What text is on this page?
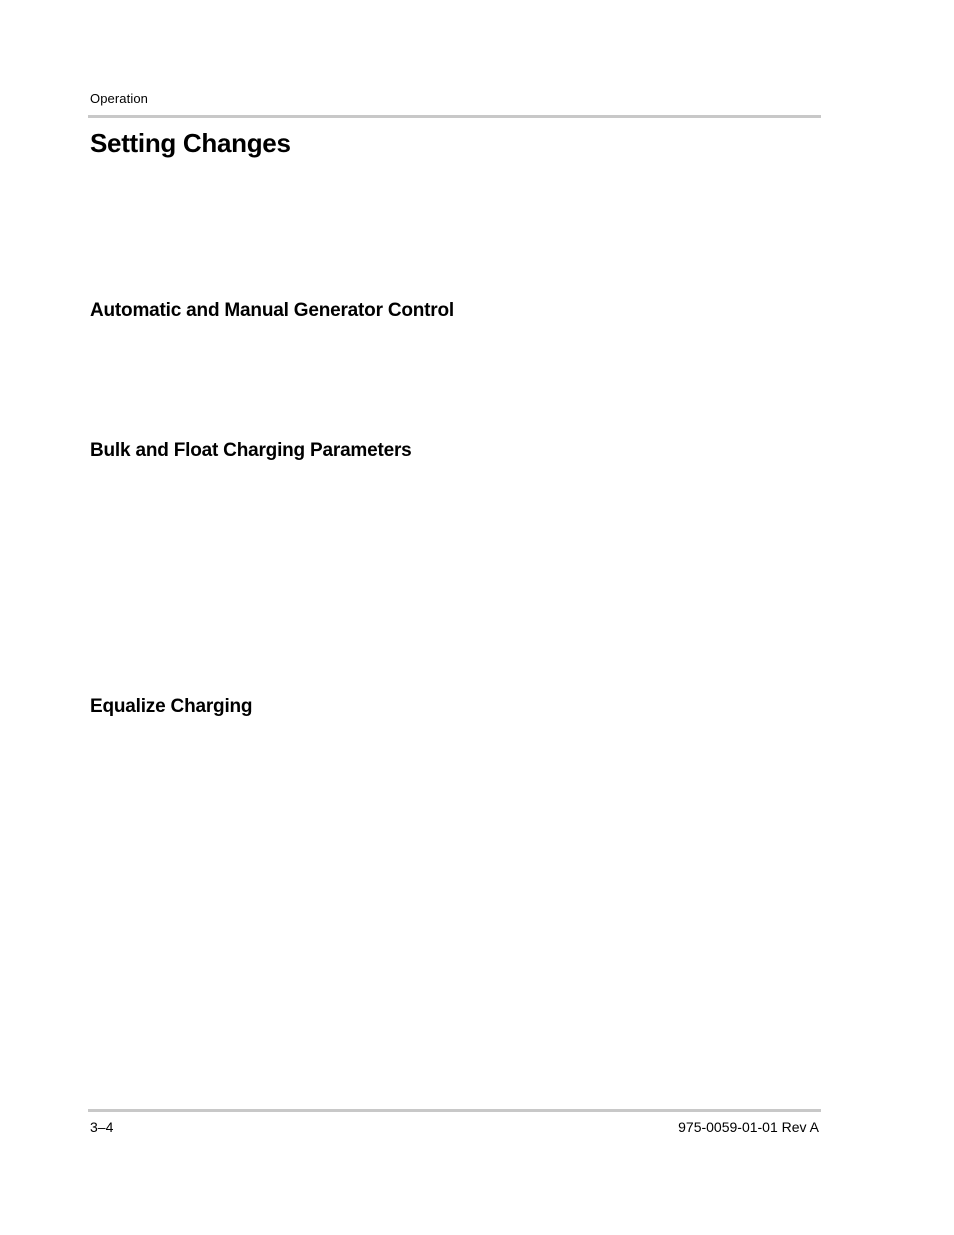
Operation
Setting Changes
Automatic and Manual Generator Control
Bulk and Float Charging Parameters
Equalize Charging
3–4	975-0059-01-01 Rev A
